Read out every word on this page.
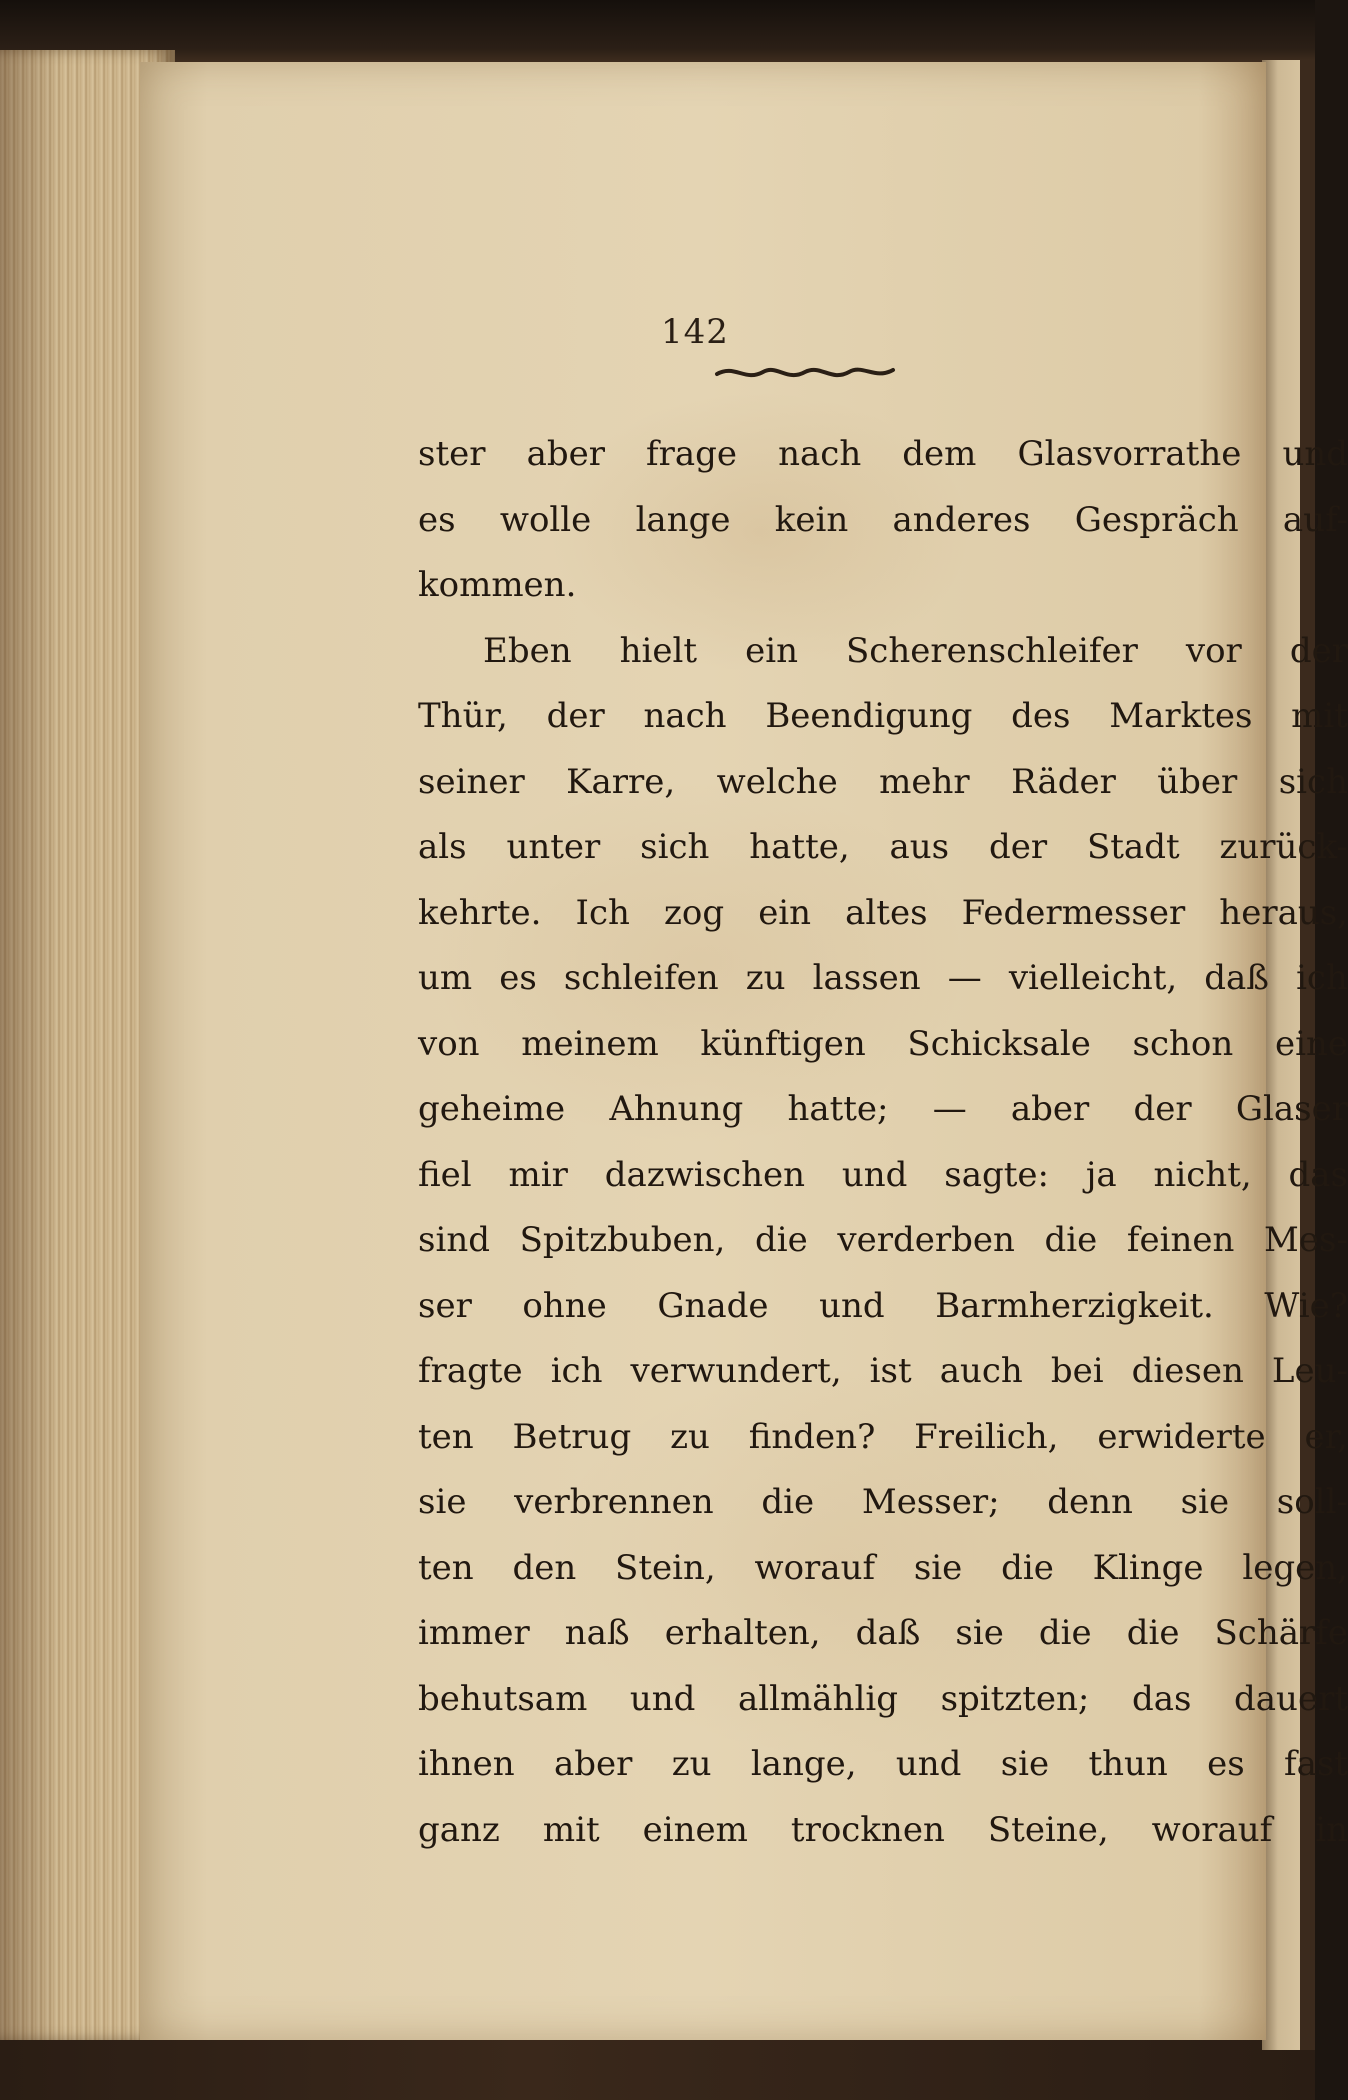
142
ster aber frage nach dem Glasvorrathe und
es wolle lange kein anderes Gespräch auf-
kommen.
Eben hielt ein Scherenschleifer vor der
Thür, der nach Beendigung des Marktes mit
seiner Karre, welche mehr Räder über sich
als unter sich hatte, aus der Stadt zurück-
kehrte. Ich zog ein altes Federmesser heraus,
um es schleifen zu lassen — vielleicht, daß ich
von meinem künftigen Schicksale schon eine
geheime Ahnung hatte; — aber der Glaser
fiel mir dazwischen und sagte: ja nicht, das
sind Spitzbuben, die verderben die feinen Mes-
ser ohne Gnade und Barmherzigkeit. Wie?
fragte ich verwundert, ist auch bei diesen Leu-
ten Betrug zu finden? Freilich, erwiderte er,
sie verbrennen die Messer; denn sie soll-
ten den Stein, worauf sie die Klinge legen,
immer naß erhalten, daß sie die die Schärfe
behutsam und allmählig spitzten; das dauert
ihnen aber zu lange, und sie thun es fast
ganz mit einem trocknen Steine, worauf in
